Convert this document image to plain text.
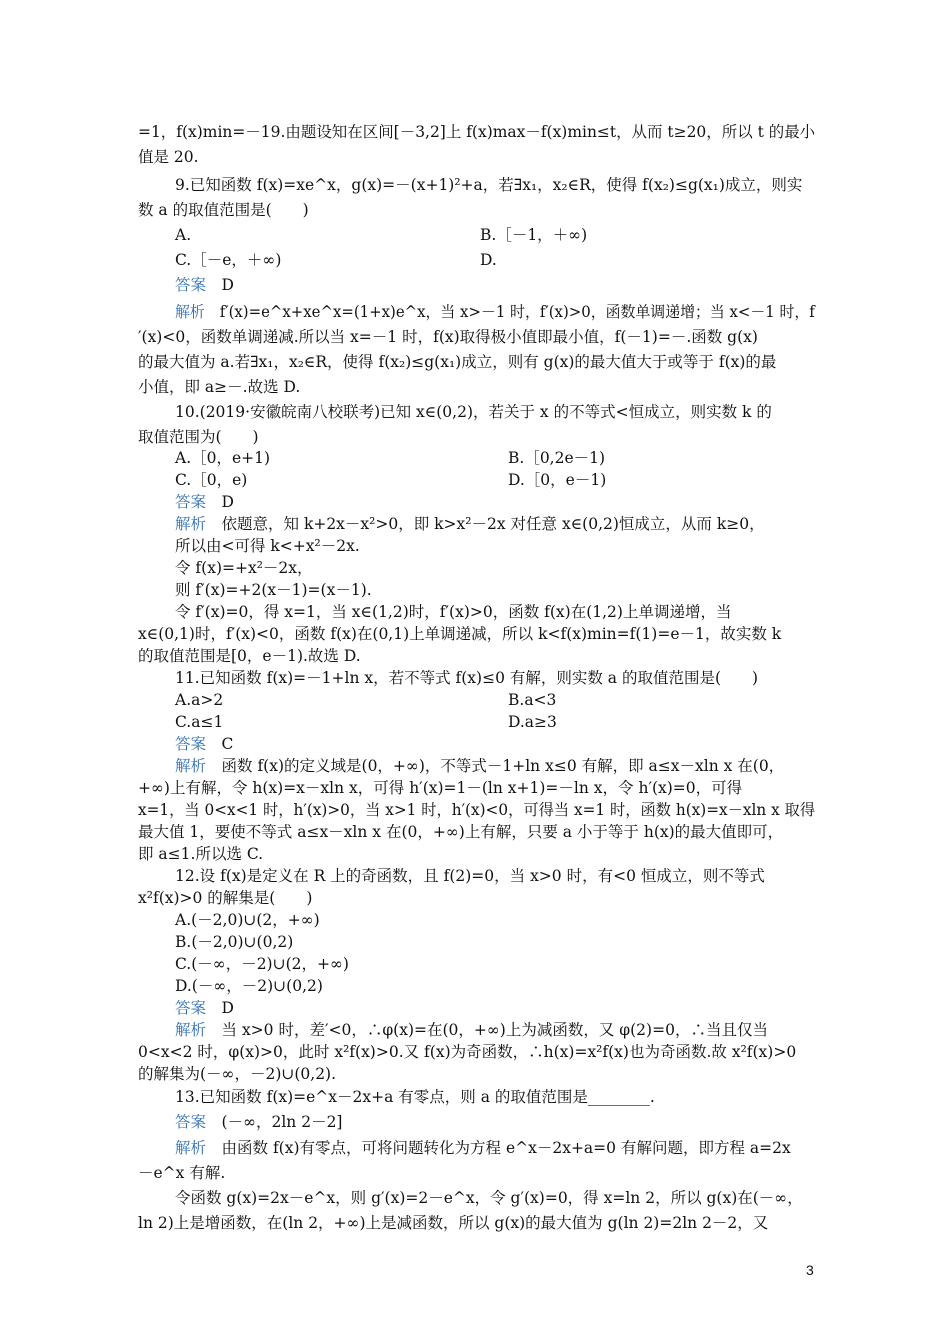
=1，f(x)min=－19.由题设知在区间[－3,2]上 f(x)max－f(x)min≤t，从而 t≥20，所以 t 的最小
值是 20.
9.已知函数 f(x)=xe^x，g(x)=－(x+1)²+a，若∃x₁，x₂∈R，使得 f(x₂)≤g(x₁)成立，则实
数 a 的取值范围是(　　)
A.	B.［－1，＋∞)
C.［－e，＋∞)	D.
答案　D
解析　f′(x)=e^x+xe^x=(1+x)e^x，当 x>－1 时，f′(x)>0，函数单调递增；当 x<－1 时，f
′(x)<0，函数单调递减.所以当 x=－1 时，f(x)取得极小值即最小值，f(－1)=－.函数 g(x)
的最大值为 a.若∃x₁，x₂∈R，使得 f(x₂)≤g(x₁)成立，则有 g(x)的最大值大于或等于 f(x)的最
小值，即 a≥－.故选 D.
10.(2019·安徽皖南八校联考)已知 x∈(0,2)，若关于 x 的不等式<恒成立，则实数 k 的
取值范围为(　　)
A.［0，e+1)	B.［0,2e－1)
C.［0，e)	D.［0，e－1)
答案　D
解析　依题意，知 k+2x－x²>0，即 k>x²－2x 对任意 x∈(0,2)恒成立，从而 k≥0，
所以由<可得 k<+x²－2x.
令 f(x)=+x²－2x，
则 f′(x)=+2(x－1)=(x－1).
令 f′(x)=0，得 x=1，当 x∈(1,2)时，f′(x)>0，函数 f(x)在(1,2)上单调递增，当
x∈(0,1)时，f′(x)<0，函数 f(x)在(0,1)上单调递减，所以 k<f(x)min=f(1)=e－1，故实数 k
的取值范围是[0，e－1).故选 D.
11.已知函数 f(x)=－1+ln x，若不等式 f(x)≤0 有解，则实数 a 的取值范围是(　　)
A.a>2	B.a<3
C.a≤1	D.a≥3
答案　C
解析　函数 f(x)的定义域是(0，+∞)，不等式－1+ln x≤0 有解，即 a≤x－xln x 在(0，
+∞)上有解，令 h(x)=x－xln x，可得 h′(x)=1－(ln x+1)=－ln x，令 h′(x)=0，可得
x=1，当 0<x<1 时，h′(x)>0，当 x>1 时，h′(x)<0，可得当 x=1 时，函数 h(x)=x－xln x 取得
最大值 1，要使不等式 a≤x－xln x 在(0，+∞)上有解，只要 a 小于等于 h(x)的最大值即可，
即 a≤1.所以选 C.
12.设 f(x)是定义在 R 上的奇函数，且 f(2)=0，当 x>0 时，有<0 恒成立，则不等式
x²f(x)>0 的解集是(　　)
A.(－2,0)∪(2，+∞)
B.(－2,0)∪(0,2)
C.(－∞，－2)∪(2，+∞)
D.(－∞，－2)∪(0,2)
答案　D
解析　当 x>0 时，差′<0，∴φ(x)=在(0，+∞)上为减函数，又 φ(2)=0，∴当且仅当
0<x<2 时，φ(x)>0，此时 x²f(x)>0.又 f(x)为奇函数，∴h(x)=x²f(x)也为奇函数.故 x²f(x)>0
的解集为(－∞，－2)∪(0,2).
13.已知函数 f(x)=e^x－2x+a 有零点，则 a 的取值范围是________.
答案　(－∞，2ln 2－2]
解析　由函数 f(x)有零点，可将问题转化为方程 e^x－2x+a=0 有解问题，即方程 a=2x
－e^x 有解.
令函数 g(x)=2x－e^x，则 g′(x)=2－e^x，令 g′(x)=0，得 x=ln 2，所以 g(x)在(－∞，
ln 2)上是增函数，在(ln 2，+∞)上是减函数，所以 g(x)的最大值为 g(ln 2)=2ln 2－2，又
3
